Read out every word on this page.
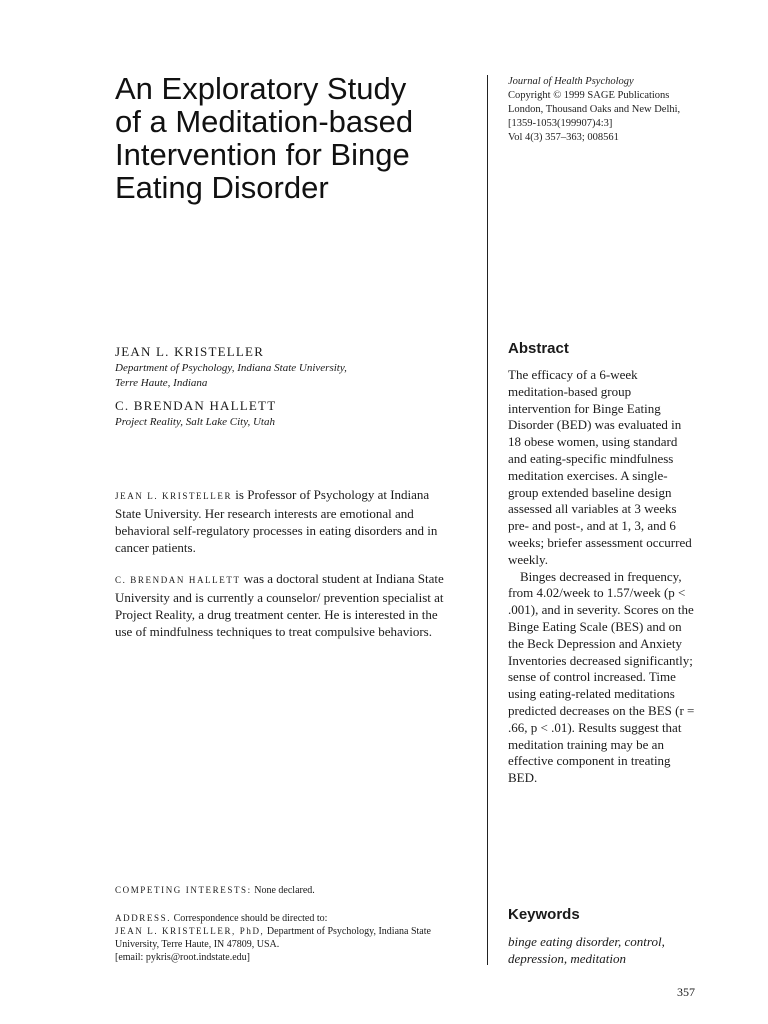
An Exploratory Study
of a Meditation-based
Intervention for Binge
Eating Disorder
Journal of Health Psychology
Copyright © 1999 SAGE Publications
London, Thousand Oaks and New Delhi,
[1359-1053(199907)4:3]
Vol 4(3) 357–363; 008561

JEAN L. KRISTELLER

Department of Psychology, Indiana State University,
Terre Haute, Indiana

C. BRENDAN HALLETT

Project Reality, Salt Lake City, Utah

JEAN L. KRISTELLER is Professor of Psychology at Indiana State University. Her research interests are emotional and behavioral self-regulatory processes in eating disorders and in cancer patients.

C. BRENDAN HALLETT was a doctoral student at Indiana State University and is currently a counselor/ prevention specialist at Project Reality, a drug treatment center. He is interested in the use of mindfulness techniques to treat compulsive behaviors.

Abstract

The efficacy of a 6-week meditation-based group intervention for Binge Eating Disorder (BED) was evaluated in 18 obese women, using standard and eating-specific mindfulness meditation exercises. A single-group extended baseline design assessed all variables at 3 weeks pre- and post-, and at 1, 3, and 6 weeks; briefer assessment occurred weekly.

Binges decreased in frequency, from 4.02/week to 1.57/week (p < .001), and in severity. Scores on the Binge Eating Scale (BES) and on the Beck Depression and Anxiety Inventories decreased significantly; sense of control increased. Time using eating-related meditations predicted decreases on the BES (r = .66, p < .01). Results suggest that meditation training may be an effective component in treating BED.

COMPETING INTERESTS: None declared.
ADDRESS. Correspondence should be directed to:
JEAN L. KRISTELLER, PhD, Department of Psychology, Indiana State University, Terre Haute, IN 47809, USA.
[email: pykris@root.indstate.edu]
Keywords
binge eating disorder, control, depression, meditation
357
